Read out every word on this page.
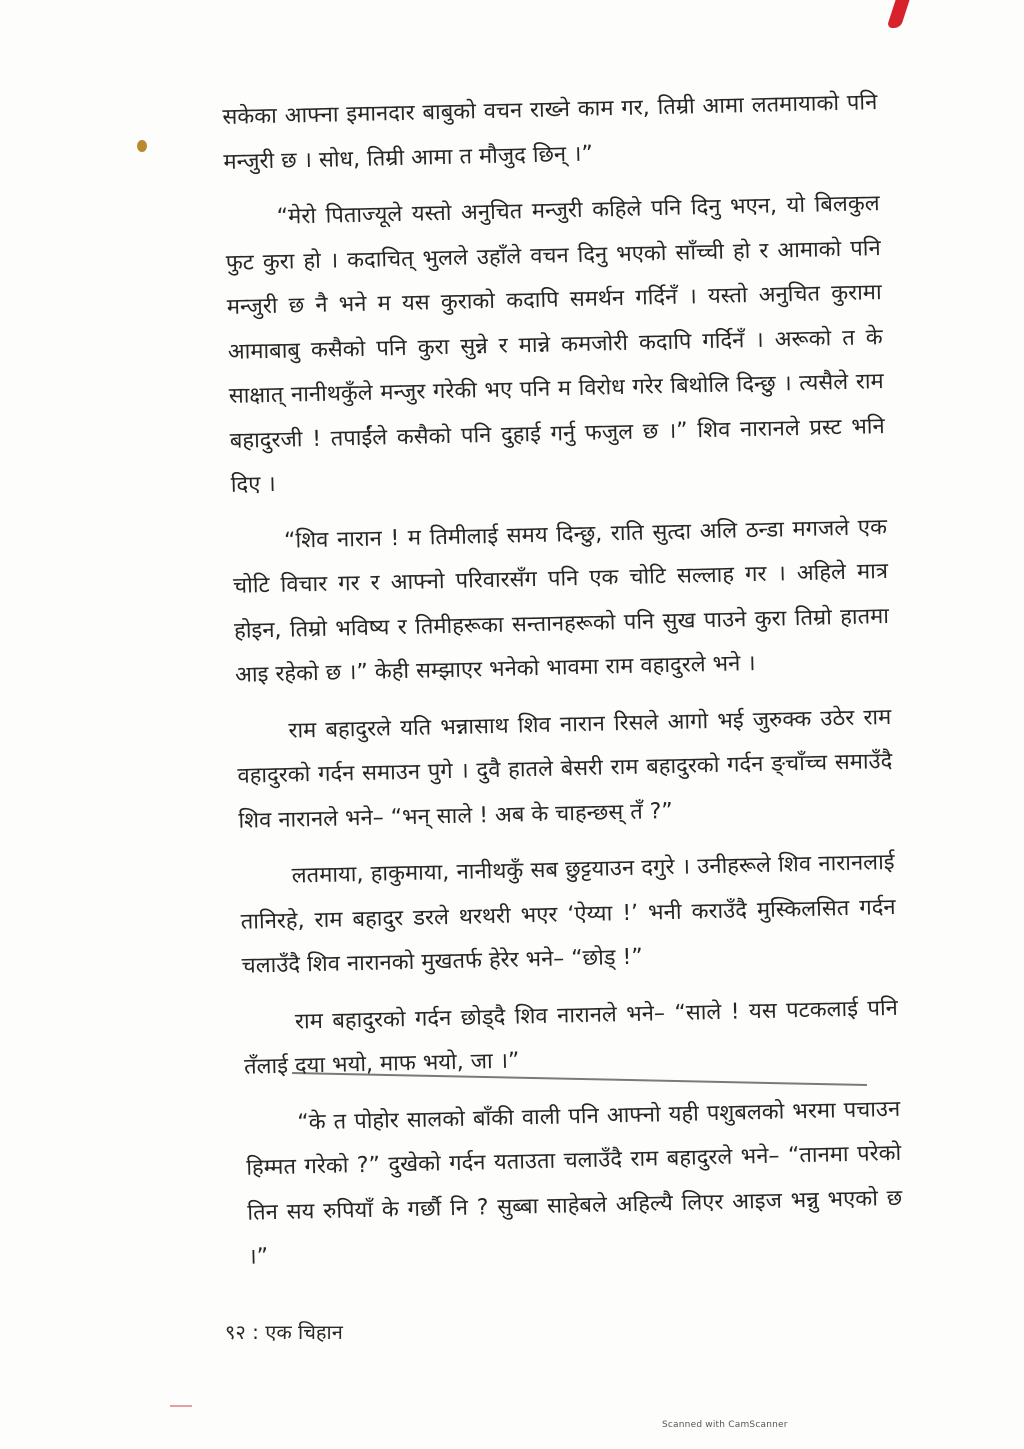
सकेका आफ्ना इमानदार बाबुको वचन राख्ने काम गर, तिम्री आमा लतमायाको पनि मन्जुरी छ । सोध, तिम्री आमा त मौजुद छिन् ।”

“मेरो पिताज्यूले यस्तो अनुचित मन्जुरी कहिले पनि दिनु भएन, यो बिलकुल फुट कुरा हो । कदाचित् भुलले उहाँले वचन दिनु भएको साँच्ची हो र आमाको पनि मन्जुरी छ नै भने म यस कुराको कदापि समर्थन गर्दिनँ । यस्तो अनुचित कुरामा आमाबाबु कसैको पनि कुरा सुन्ने र मान्ने कमजोरी कदापि गर्दिनँ । अरूको त के साक्षात् नानीथकुँले मन्जुर गरेकी भए पनि म विरोध गरेर बिथोलि दिन्छु । त्यसैले राम बहादुरजी ! तपाईंले कसैको पनि दुहाई गर्नु फजुल छ ।” शिव नारानले प्रस्ट भनि दिए ।

“शिव नारान ! म तिमीलाई समय दिन्छु, राति सुत्दा अलि ठन्डा मगजले एक चोटि विचार गर र आफ्नो परिवारसँग पनि एक चोटि सल्लाह गर । अहिले मात्र होइन, तिम्रो भविष्य र तिमीहरूका सन्तानहरूको पनि सुख पाउने कुरा तिम्रो हातमा आइ रहेको छ ।” केही सम्झाएर भनेको भावमा राम वहादुरले भने ।

राम बहादुरले यति भन्नासाथ शिव नारान रिसले आगो भई जुरुक्क उठेर राम वहादुरको गर्दन समाउन पुगे । दुवै हातले बेसरी राम बहादुरको गर्दन ङ्चाँच्च समाउँदै शिव नारानले भने– “भन् साले ! अब के चाहन्छस् तँ ?”

लतमाया, हाकुमाया, नानीथकुँ सब छुट्टयाउन दगुरे । उनीहरूले शिव नारानलाई तानिरहे, राम बहादुर डरले थरथरी भएर ‘ऐय्या !’ भनी कराउँदै मुस्किलसित गर्दन चलाउँदै शिव नारानको मुखतर्फ हेरेर भने– “छोड् !”

राम बहादुरको गर्दन छोड्दै शिव नारानले भने– “साले ! यस पटकलाई पनि तँलाई दया भयो, माफ भयो, जा ।”

“के त पोहोर सालको बाँकी वाली पनि आफ्नो यही पशुबलको भरमा पचाउन हिम्मत गरेको ?” दुखेको गर्दन यताउता चलाउँदै राम बहादुरले भने– “तानमा परेको तिन सय रुपियाँ के गर्छौ नि ? सुब्बा साहेबले अहिल्यै लिएर आइज भन्नु भएको छ ।”

९२ : एक चिहान
Scanned with CamScanner
